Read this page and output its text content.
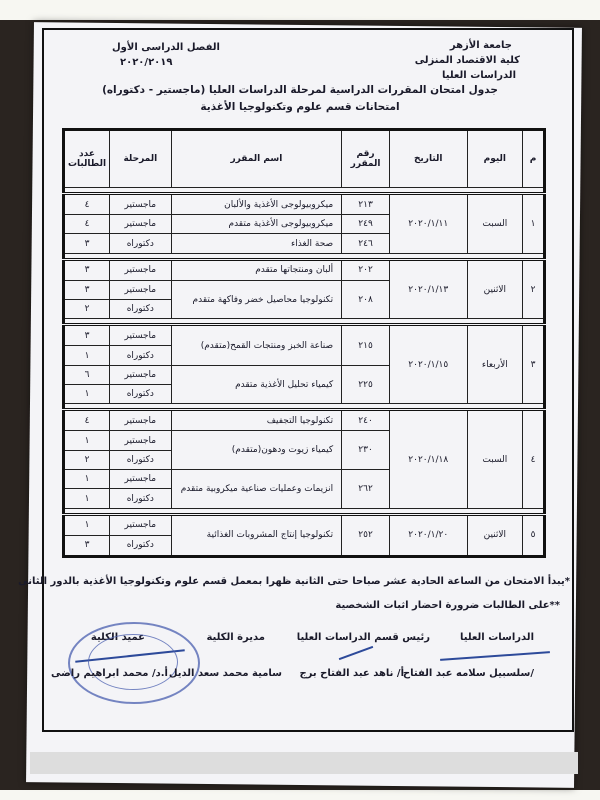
جامعة الأزهر
كلية الاقتصاد المنزلى
الدراسات العليا
الفصل الدراسى الأول
٢٠٢٠/٢٠١٩
جدول امتحان المقررات الدراسية لمرحلة الدراسات العليا (ماجستير - دكتوراه)
امتحانات قسم علوم وتكنولوجيا الأغذية
م	اليوم	التاريخ	رقم المقرر	اسم المقرر	المرحلة	عدد الطالبات

١	السبت	٢٠٢٠/١/١١	٢١٣	ميكروبيولوجى الأغذية والألبان	ماجستير	٤
			٢٤٩	ميكروبيولوجى الأغذية متقدم	ماجستير	٤
			٢٤٦	صحة الغذاء	دكتوراه	٣

٢	الاثنين	٢٠٢٠/١/١٣	٢٠٢	ألبان ومنتجاتها متقدم	ماجستير	٣
			٢٠٨	تكنولوجيا محاصيل خضر وفاكهة متقدم	ماجستير	٣
					دكتوراه	٢

٣	الأربعاء	٢٠٢٠/١/١٥	٢١٥	صناعة الخبز ومنتجات القمح(متقدم)	ماجستير	٣
					دكتوراه	١
			٢٢٥	كيمياء تحليل الأغذية متقدم	ماجستير	٦
					دكتوراه	١

٤	السبت	٢٠٢٠/١/١٨	٢٤٠	تكنولوجيا التجفيف	ماجستير	٤
			٢٣٠	كيمياء زيوت ودهون(متقدم)	ماجستير	١
					دكتوراه	٢
			٢٦٢	انزيمات وعمليات صناعية ميكروبية متقدم	ماجستير	١
					دكتوراه	١

٥	الاثنين	٢٠٢٠/١/٢٠	٢٥٢	تكنولوجيا إنتاج المشروبات الغذائية	ماجستير	١
					دكتوراه	٣
*يبدأ الامتحان من الساعة الحادية عشر صباحا حتى الثانية ظهرا بمعمل قسم علوم وتكنولوجيا الأغذية بالدور الثانى
**على الطالبات ضرورة احضار اثبات الشخصية
الدراسات العليا
رئيس قسم الدراسات العليا
مديرة الكلية
عميد الكلية
/سلسبيل سلامه عبد الفتاح
أ/ ناهد عبد الفتاح برج
سامية محمد سعد الديل
أ.د/ محمد ابراهيم راضى
